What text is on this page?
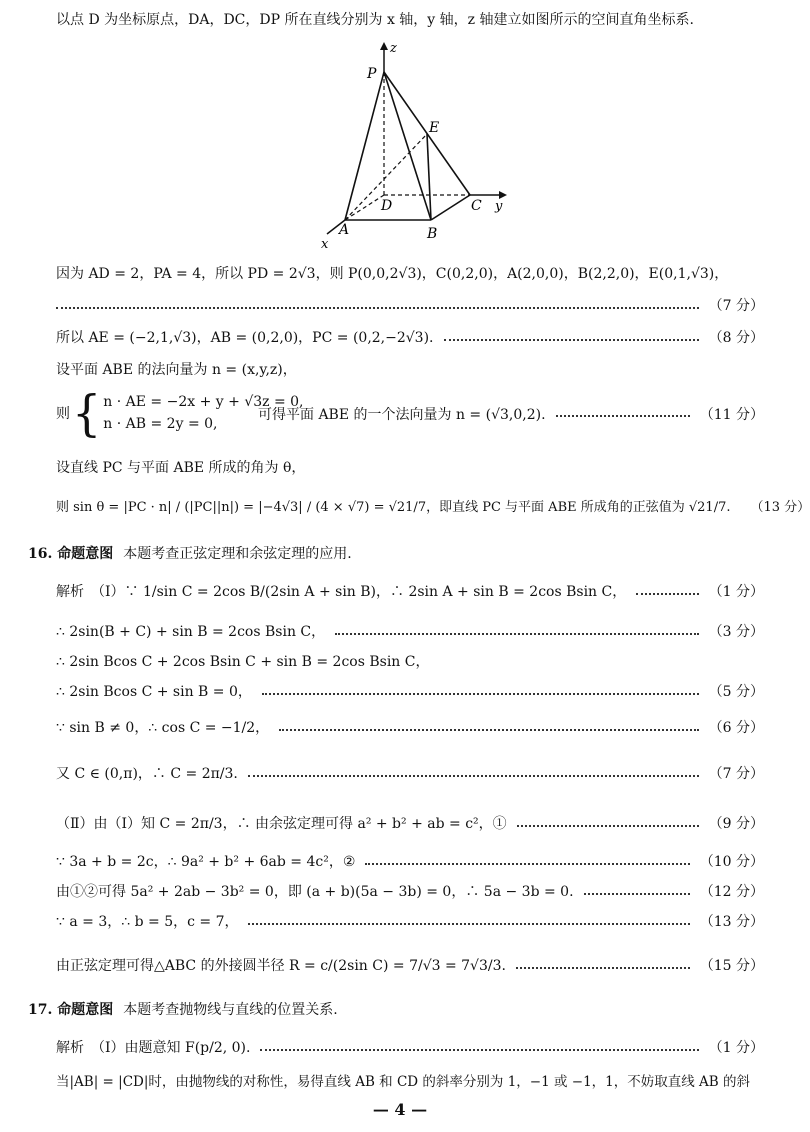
以点 D 为坐标原点，DA，DC，DP 所在直线分别为 x 轴，y 轴，z 轴建立如图所示的空间直角坐标系.
z
P
E
D	C y
A	B
x
因为 AD = 2，PA = 4，所以 PD = 2√3，则 P(0,0,2√3)，C(0,2,0)，A(2,0,0)，B(2,2,0)，E(0,1,√3)，
（7 分）
所以 AE = (−2,1,√3)，AB = (0,2,0)，PC = (0,2,−2√3).	（8 分）
设平面 ABE 的法向量为 n = (x,y,z)，
则 { n · AE = −2x + y + √3z = 0,
n · AB = 2y = 0,
可得平面 ABE 的一个法向量为 n = (√3,0,2).	（11 分）
设直线 PC 与平面 ABE 所成的角为 θ，
则 sin θ = |PC · n| / (|PC||n|) = |−4√3| / (4 × √7) = √21/7，即直线 PC 与平面 ABE 所成角的正弦值为 √21/7. （13 分）
16. 命题意图 本题考查正弦定理和余弦定理的应用.
解析　（Ⅰ）∵ 1/sin C = 2cos B/(2sin A + sin B)，∴ 2sin A + sin B = 2cos Bsin C，	（1 分）
∴ 2sin(B + C) + sin B = 2cos Bsin C，	（3 分）
∴ 2sin Bcos C + 2cos Bsin C + sin B = 2cos Bsin C，
∴ 2sin Bcos C + sin B = 0，	（5 分）
∵ sin B ≠ 0，∴ cos C = −1/2，	（6 分）
又 C ∈ (0,π)，∴ C = 2π/3.	（7 分）
（Ⅱ）由（Ⅰ）知 C = 2π/3，∴ 由余弦定理可得 a² + b² + ab = c²，①	（9 分）
∵ 3a + b = 2c，∴ 9a² + b² + 6ab = 4c²，②	（10 分）
由①②可得 5a² + 2ab − 3b² = 0，即 (a + b)(5a − 3b) = 0，∴ 5a − 3b = 0.	（12 分）
∵ a = 3，∴ b = 5，c = 7，	（13 分）
由正弦定理可得△ABC 的外接圆半径 R = c/(2sin C) = 7/√3 = 7√3/3.	（15 分）
17. 命题意图 本题考查抛物线与直线的位置关系.
解析　（Ⅰ）由题意知 F(p/2, 0).	（1 分）
当|AB| = |CD|时，由抛物线的对称性，易得直线 AB 和 CD 的斜率分别为 1，−1 或 −1，1，不妨取直线 AB 的斜
— 4 —
